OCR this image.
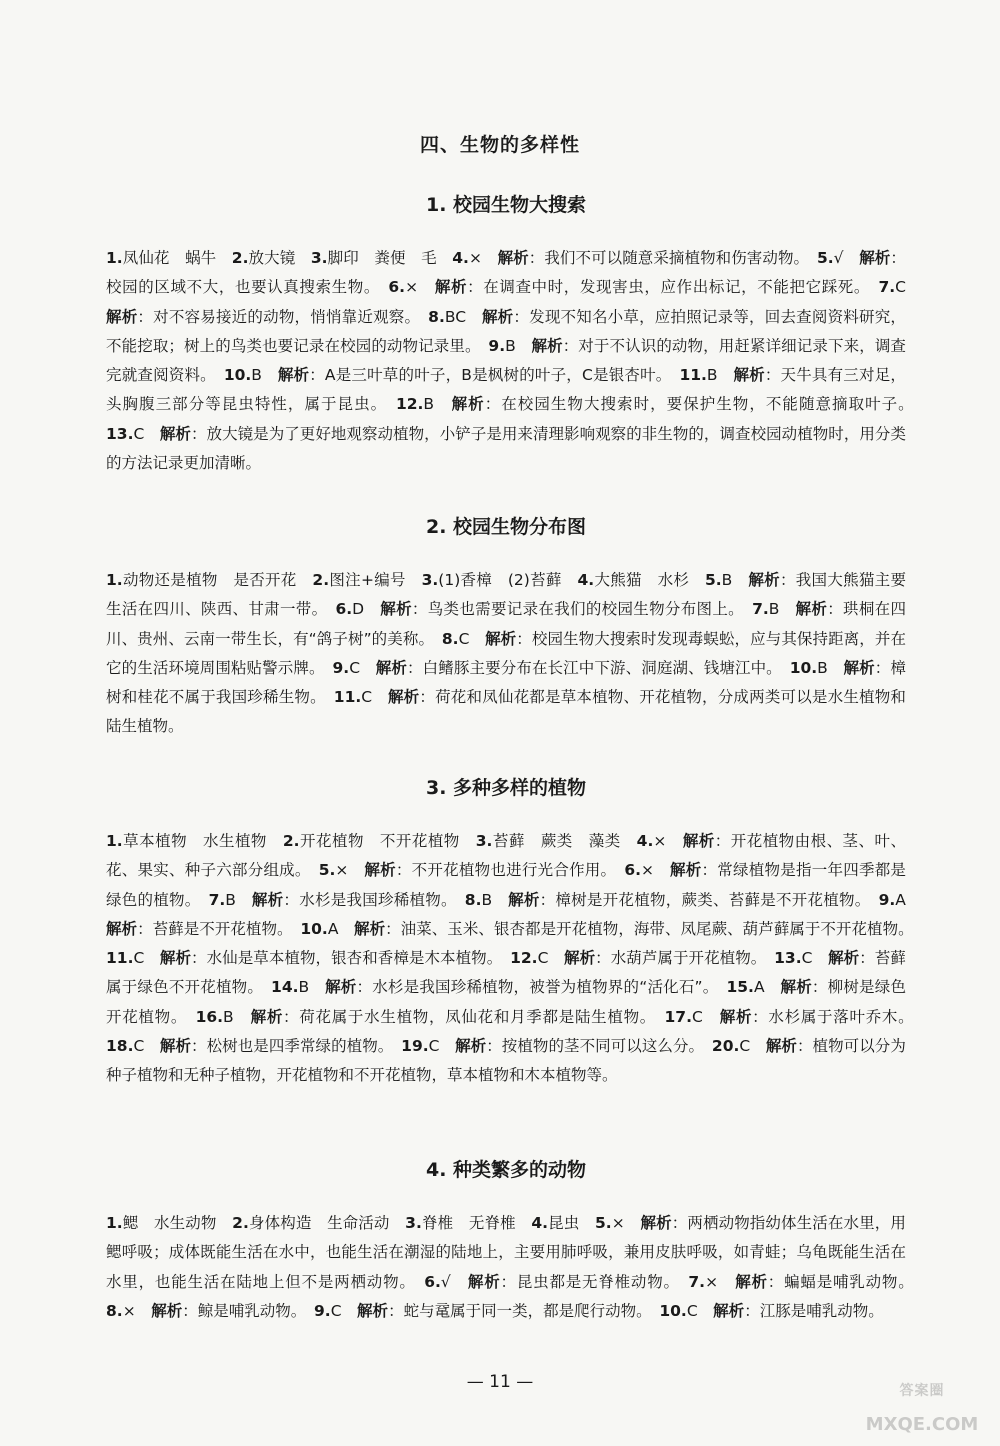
四、生物的多样性
1. 校园生物大搜索
1.凤仙花　蜗牛　 2.放大镜　 3.脚印　粪便　毛　 4.×　 解析：我们不可以随意采摘植物和伤害动物。　 5.√　 解析：校园的区域不大，也要认真搜索生物。　 6.×　 解析：在调查中时，发现害虫，应作出标记，不能把它踩死。　 7.C　解析：对不容易接近的动物，悄悄靠近观察。　 8.BC　 解析：发现不知名小草，应拍照记录等，回去查阅资料研究，不能挖取；树上的鸟类也要记录在校园的动物记录里。　 9.B　 解析：对于不认识的动物，用赶紧详细记录下来，调查完就查阅资料。　 10.B　 解析：A是三叶草的叶子，B是枫树的叶子，C是银杏叶。　 11.B　 解析：天牛具有三对足，头胸腹三部分等昆虫特性，属于昆虫。　 12.B　 解析：在校园生物大搜索时，要保护生物，不能随意摘取叶子。　13.C　 解析：放大镜是为了更好地观察动植物，小铲子是用来清理影响观察的非生物的，调查校园动植物时，用分类的方法记录更加清晰。
2. 校园生物分布图
1.动物还是植物　是否开花　 2.图注+编号　 3.(1)香樟　(2)苔藓　 4.大熊猫　水杉　 5.B　 解析：我国大熊猫主要生活在四川、陕西、甘肃一带。　 6.D　 解析：鸟类也需要记录在我们的校园生物分布图上。　 7.B　 解析：珙桐在四川、贵州、云南一带生长，有“鸽子树”的美称。　 8.C　 解析：校园生物大搜索时发现毒蜈蚣，应与其保持距离，并在它的生活环境周围粘贴警示牌。　 9.C　 解析：白鳍豚主要分布在长江中下游、洞庭湖、钱塘江中。　 10.B　 解析：樟树和桂花不属于我国珍稀生物。　 11.C　 解析：荷花和凤仙花都是草本植物、开花植物，分成两类可以是水生植物和陆生植物。
3. 多种多样的植物
1.草本植物　水生植物　 2.开花植物　不开花植物　 3.苔藓　蕨类　藻类　 4.×　 解析：开花植物由根、茎、叶、花、果实、种子六部分组成。　 5.×　 解析：不开花植物也进行光合作用。　 6.×　 解析：常绿植物是指一年四季都是绿色的植物。　 7.B　 解析：水杉是我国珍稀植物。　 8.B　 解析：樟树是开花植物，蕨类、苔藓是不开花植物。　 9.A　解析：苔藓是不开花植物。　 10.A　 解析：油菜、玉米、银杏都是开花植物，海带、凤尾蕨、葫芦藓属于不开花植物。　11.C　 解析：水仙是草本植物，银杏和香樟是木本植物。　 12.C　 解析：水葫芦属于开花植物。　 13.C　 解析：苔藓属于绿色不开花植物。　 14.B　 解析：水杉是我国珍稀植物，被誉为植物界的“活化石”。　 15.A　 解析：柳树是绿色开花植物。　 16.B　 解析：荷花属于水生植物，凤仙花和月季都是陆生植物。　 17.C　 解析：水杉属于落叶乔木。　18.C　 解析：松树也是四季常绿的植物。　 19.C　 解析：按植物的茎不同可以这么分。　 20.C　 解析：植物可以分为种子植物和无种子植物，开花植物和不开花植物，草本植物和木本植物等。
4. 种类繁多的动物
1.鳃　水生动物　 2.身体构造　生命活动　 3.脊椎　无脊椎　 4.昆虫　 5.×　 解析：两栖动物指幼体生活在水里，用鳃呼吸；成体既能生活在水中，也能生活在潮湿的陆地上，主要用肺呼吸，兼用皮肤呼吸，如青蛙；乌龟既能生活在水里，也能生活在陆地上但不是两栖动物。　 6.√　 解析：昆虫都是无脊椎动物。　 7.×　 解析：蝙蝠是哺乳动物。　8.×　 解析：鲸是哺乳动物。　 9.C　 解析：蛇与鼋属于同一类，都是爬行动物。　 10.C　 解析：江豚是哺乳动物。
— 11 —	答案圈
MXQE.COM
